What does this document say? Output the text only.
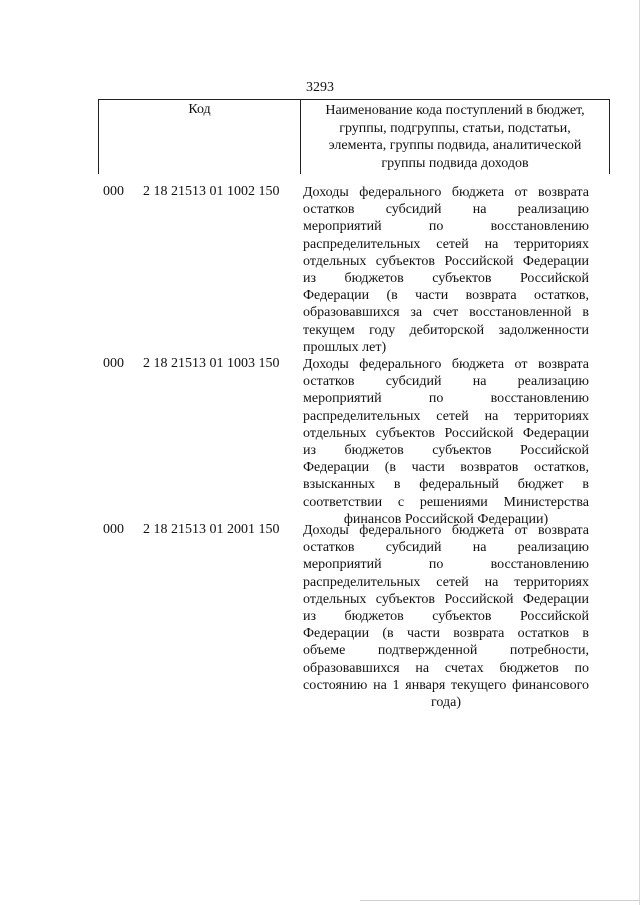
3293
Код	Наименование кода поступлений в бюджет,
группы, подгруппы, статьи, подстатьи,
элемента, группы подвида, аналитической
группы подвида доходов
000	2 18 21513 01 1002 150	Доходы федерального бюджета от возврата
остатков субсидий на реализацию
мероприятий по восстановлению
распределительных сетей на территориях
отдельных субъектов Российской Федерации
из бюджетов субъектов Российской
Федерации (в части возврата остатков,
образовавшихся за счет восстановленной в
текущем году дебиторской задолженности
прошлых лет)
000	2 18 21513 01 1003 150	Доходы федерального бюджета от возврата
остатков субсидий на реализацию
мероприятий по восстановлению
распределительных сетей на территориях
отдельных субъектов Российской Федерации
из бюджетов субъектов Российской
Федерации (в части возвратов остатков,
взысканных в федеральный бюджет в
соответствии с решениями Министерства
финансов Российской Федерации)
000	2 18 21513 01 2001 150	Доходы федерального бюджета от возврата
остатков субсидий на реализацию
мероприятий по восстановлению
распределительных сетей на территориях
отдельных субъектов Российской Федерации
из бюджетов субъектов Российской
Федерации (в части возврата остатков в
объеме подтвержденной потребности,
образовавшихся на счетах бюджетов по
состоянию на 1 января текущего финансового
года)
